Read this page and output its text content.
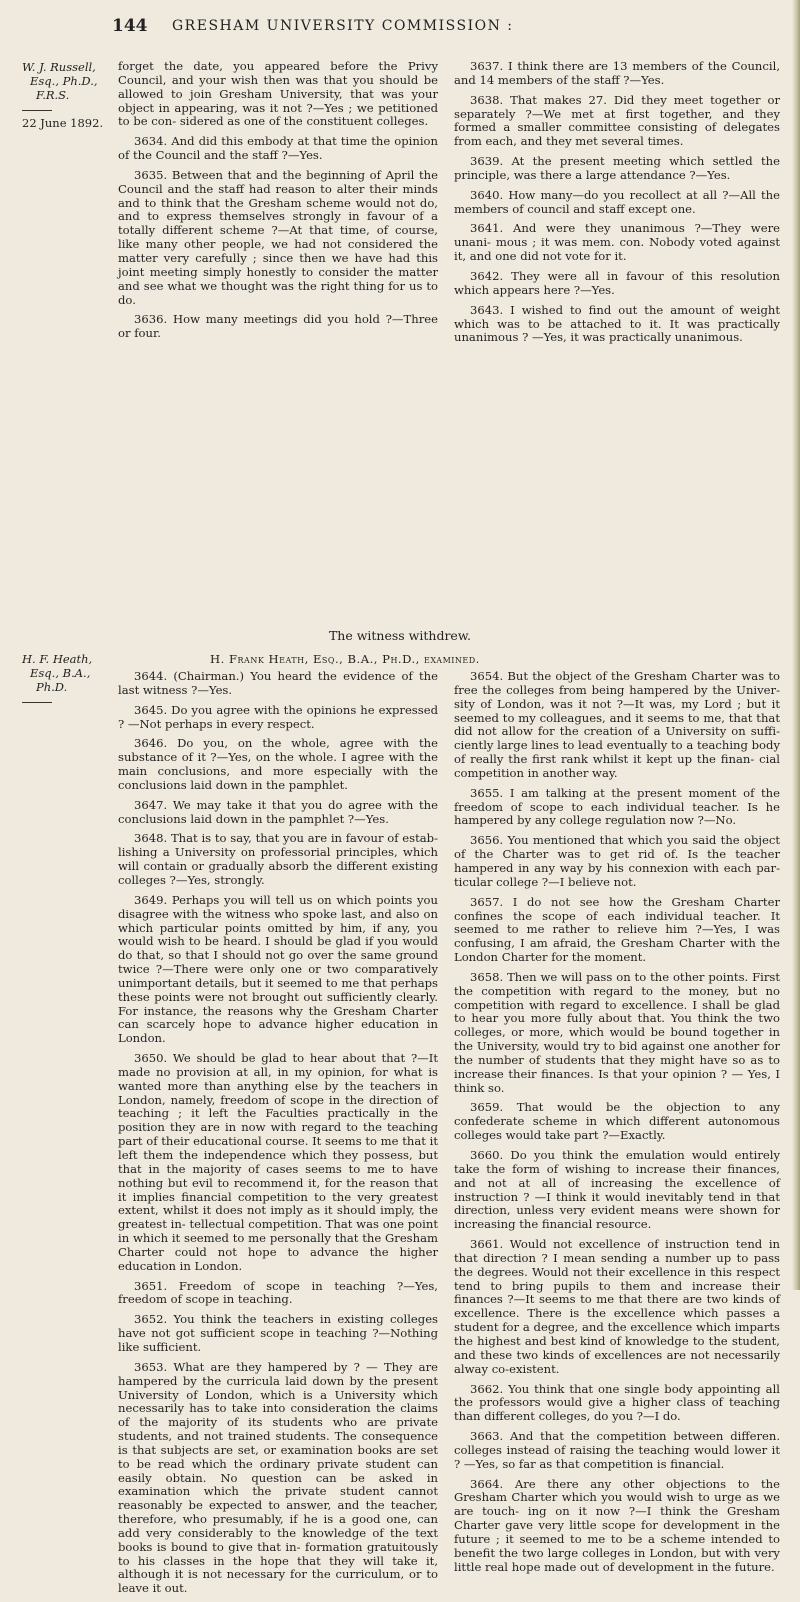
144 GRESHAM UNIVERSITY COMMISSION :
W. J. Russell,
Esq., Ph.D.,
F.R.S.
22 June 1892.

forget the date, you appeared before the Privy Council, and your wish then was that you should be allowed to join Gresham University, that was your object in appearing, was it not ?—Yes ; we petitioned to be con- sidered as one of the constituent colleges.

3634. And did this embody at that time the opinion of the Council and the staff ?—Yes.

3635. Between that and the beginning of April the Council and the staff had reason to alter their minds and to think that the Gresham scheme would not do, and to express themselves strongly in favour of a totally different scheme ?—At that time, of course, like many other people, we had not considered the matter very carefully ; since then we have had this joint meeting simply honestly to consider the matter and see what we thought was the right thing for us to do.

3636. How many meetings did you hold ?—Three or four.

3637. I think there are 13 members of the Council, and 14 members of the staff ?—Yes.

3638. That makes 27. Did they meet together or separately ?—We met at first together, and they formed a smaller committee consisting of delegates from each, and they met several times.

3639. At the present meeting which settled the principle, was there a large attendance ?—Yes.

3640. How many—do you recollect at all ?—All the members of council and staff except one.

3641. And were they unanimous ?—They were unani- mous ; it was mem. con. Nobody voted against it, and one did not vote for it.

3642. They were all in favour of this resolution which appears here ?—Yes.

3643. I wished to find out the amount of weight which was to be attached to it. It was practically unanimous ? —Yes, it was practically unanimous.

The witness withdrew.
H. F. Heath,
Esq., B.A.,
Ph.D.
H. Frank Heath, Esq., B.A., Ph.D., examined.

3644. (Chairman.) You heard the evidence of the last witness ?—Yes.

3645. Do you agree with the opinions he expressed ? —Not perhaps in every respect.

3646. Do you, on the whole, agree with the substance of it ?—Yes, on the whole. I agree with the main conclusions, and more especially with the conclusions laid down in the pamphlet.

3647. We may take it that you do agree with the conclusions laid down in the pamphlet ?—Yes.

3648. That is to say, that you are in favour of estab- lishing a University on professorial principles, which will contain or gradually absorb the different existing colleges ?—Yes, strongly.

3649. Perhaps you will tell us on which points you disagree with the witness who spoke last, and also on which particular points omitted by him, if any, you would wish to be heard. I should be glad if you would do that, so that I should not go over the same ground twice ?—There were only one or two comparatively unimportant details, but it seemed to me that perhaps these points were not brought out sufficiently clearly. For instance, the reasons why the Gresham Charter can scarcely hope to advance higher education in London.

3650. We should be glad to hear about that ?—It made no provision at all, in my opinion, for what is wanted more than anything else by the teachers in London, namely, freedom of scope in the direction of teaching ; it left the Faculties practically in the position they are in now with regard to the teaching part of their educational course. It seems to me that it left them the independence which they possess, but that in the majority of cases seems to me to have nothing but evil to recommend it, for the reason that it implies financial competition to the very greatest extent, whilst it does not imply as it should imply, the greatest in- tellectual competition. That was one point in which it seemed to me personally that the Gresham Charter could not hope to advance the higher education in London.

3651. Freedom of scope in teaching ?—Yes, freedom of scope in teaching.

3652. You think the teachers in existing colleges have not got sufficient scope in teaching ?—Nothing like sufficient.

3653. What are they hampered by ? — They are hampered by the curricula laid down by the present University of London, which is a University which necessarily has to take into consideration the claims of the majority of its students who are private students, and not trained students. The consequence is that subjects are set, or examination books are set to be read which the ordinary private student can easily obtain. No question can be asked in examination which the private student cannot reasonably be expected to answer, and the teacher, therefore, who presumably, if he is a good one, can add very considerably to the knowledge of the text books is bound to give that in- formation gratuitously to his classes in the hope that they will take it, although it is not necessary for the curriculum, or to leave it out.

3654. But the object of the Gresham Charter was to free the colleges from being hampered by the Univer- sity of London, was it not ?—It was, my Lord ; but it seemed to my colleagues, and it seems to me, that that did not allow for the creation of a University on suffi- ciently large lines to lead eventually to a teaching body of really the first rank whilst it kept up the finan- cial competition in another way.

3655. I am talking at the present moment of the freedom of scope to each individual teacher. Is he hampered by any college regulation now ?—No.

3656. You mentioned that which you said the object of the Charter was to get rid of. Is the teacher hampered in any way by his connexion with each par- ticular college ?—I believe not.

3657. I do not see how the Gresham Charter confines the scope of each individual teacher. It seemed to me rather to relieve him ?—Yes, I was confusing, I am afraid, the Gresham Charter with the London Charter for the moment.

3658. Then we will pass on to the other points. First the competition with regard to the money, but no competition with regard to excellence. I shall be glad to hear you more fully about that. You think the two colleges, or more, which would be bound together in the University, would try to bid against one another for the number of students that they might have so as to increase their finances. Is that your opinion ? — Yes, I think so.

3659. That would be the objection to any confederate scheme in which different autonomous colleges would take part ?—Exactly.

3660. Do you think the emulation would entirely take the form of wishing to increase their finances, and not at all of increasing the excellence of instruction ? —I think it would inevitably tend in that direction, unless very evident means were shown for increasing the financial resource.

3661. Would not excellence of instruction tend in that direction ? I mean sending a number up to pass the degrees. Would not their excellence in this respect tend to bring pupils to them and increase their finances ?—It seems to me that there are two kinds of excellence. There is the excellence which passes a student for a degree, and the excellence which imparts the highest and best kind of knowledge to the student, and these two kinds of excellences are not necessarily alway co-existent.

3662. You think that one single body appointing all the professors would give a higher class of teaching than different colleges, do you ?—I do.

3663. And that the competition between differen. colleges instead of raising the teaching would lower it ? —Yes, so far as that competition is financial.

3664. Are there any other objections to the Gresham Charter which you would wish to urge as we are touch- ing on it now ?—I think the Gresham Charter gave very little scope for development in the future ; it seemed to me to be a scheme intended to benefit the two large colleges in London, but with very little real hope made out of development in the future.
